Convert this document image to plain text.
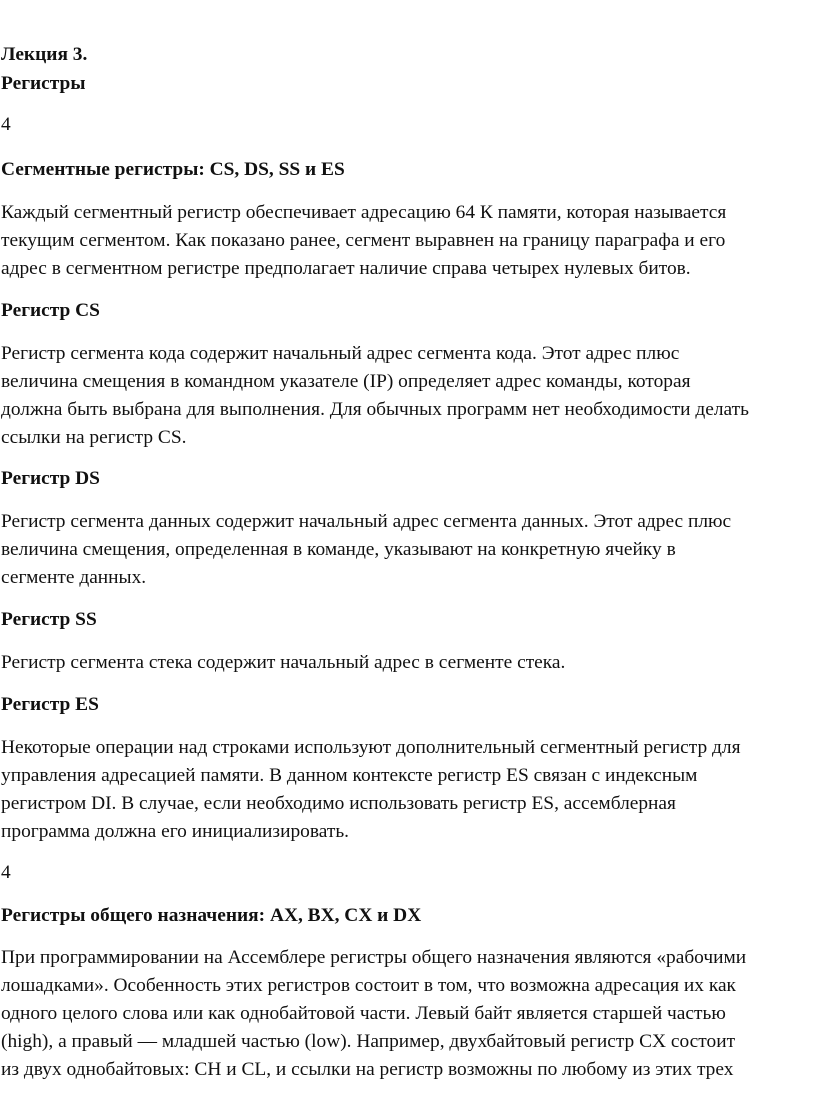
Лекция 3.
Регистры
4
Сегментные регистры: CS, DS, SS и ES
Каждый сегментный регистр обеспечивает адресацию 64 К памяти, которая называется
текущим сегментом. Как показано ранее, сегмент выравнен на границу параграфа и его
адрес в сегментном регистре предполагает наличие справа четырех нулевых битов.
Регистр CS
Регистр сегмента кода содержит начальный адрес сегмента кода. Этот адрес плюс
величина смещения в командном указателе (IP) определяет адрес команды, которая
должна быть выбрана для выполнения. Для обычных программ нет необходимости делать
ссылки на регистр CS.
Регистр DS
Регистр сегмента данных содержит начальный адрес сегмента данных. Этот адрес плюс
величина смещения, определенная в команде, указывают на конкретную ячейку в
сегменте данных.
Регистр SS
Регистр сегмента стека содержит начальный адрес в сегменте стека.
Регистр ES
Некоторые операции над строками используют дополнительный сегментный регистр для
управления адресацией памяти. В данном контексте регистр ES связан с индексным
регистром DI. В случае, если необходимо использовать регистр ES, ассемблерная
программа должна его инициализировать.
4
Регистры общего назначения: AX, BX, CX и DX
При программировании на Ассемблере регистры общего назначения являются «рабочими
лошадками». Особенность этих регистров состоит в том, что возможна адресация их как
одного целого слова или как однобайтовой части. Левый байт является старшей частью
(high), а правый — младшей частью (low). Например, двухбайтовый регистр CX состоит
из двух однобайтовых: CH и CL, и ссылки на регистр возможны по любому из этих трех
